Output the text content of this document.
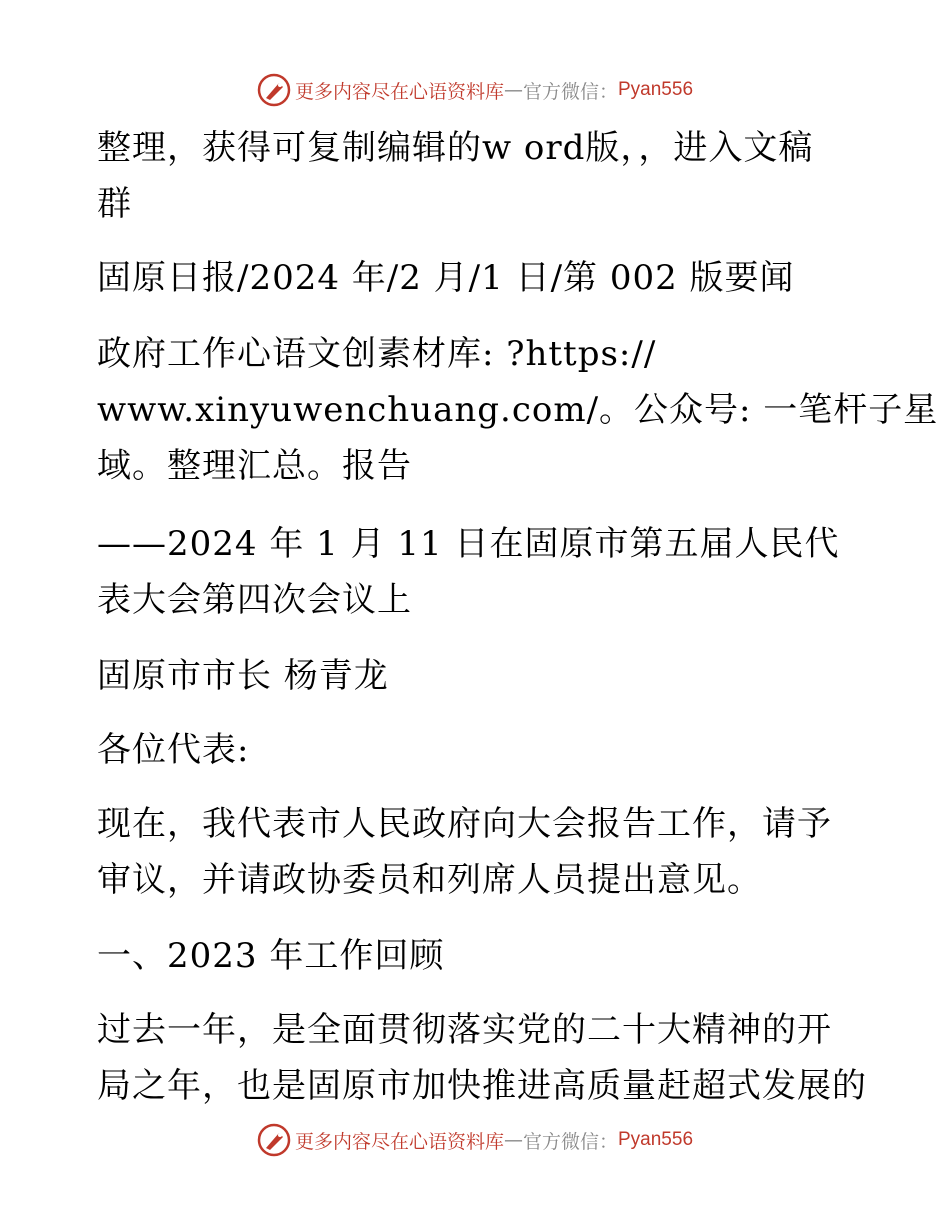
更多内容尽在心语资料库 — 官方微信： Pyan556
整理，获得可复制编辑的w ord版，，进入文稿
群
固原日报/2024 年/2 月/1 日/第 002 版要闻
政府工作心语文创素材库: ?https://
www.xinyuwenchuang.com/。公众号: 一笔杆子星
域。整理汇总。报告
——2024 年 1 月 11 日在固原市第五届人民代
表大会第四次会议上
固原市市长 杨青龙
各位代表:
现在，我代表市人民政府向大会报告工作，请予
审议，并请政协委员和列席人员提出意见。
一、2023 年工作回顾
过去一年，是全面贯彻落实党的二十大精神的开
局之年，也是固原市加快推进高质量赶超式发展的
更多内容尽在心语资料库 — 官方微信： Pyan556
